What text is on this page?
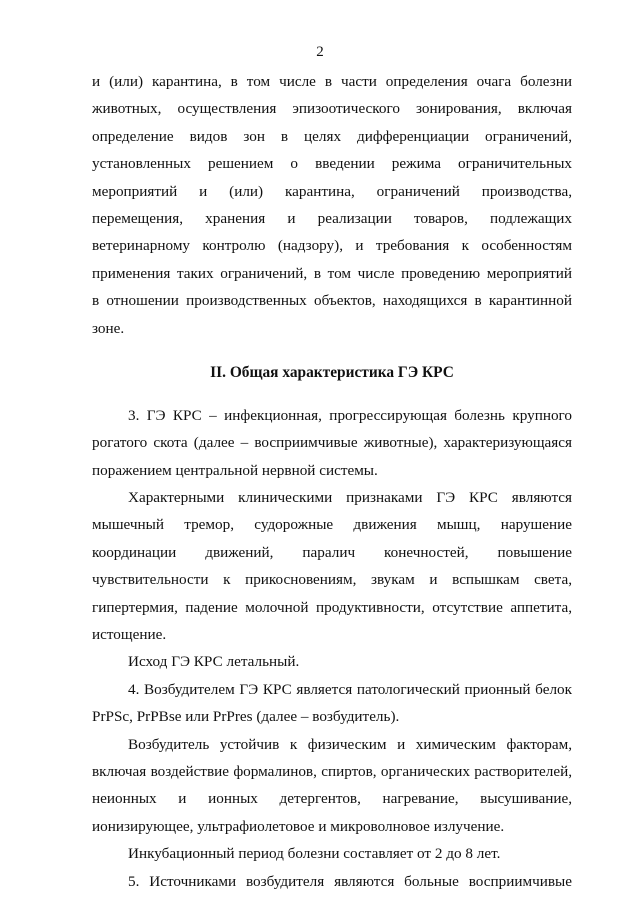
2
и (или) карантина, в том числе в части определения очага болезни
животных, осуществления эпизоотического зонирования, включая
определение видов зон в целях дифференциации ограничений,
установленных решением о введении режима ограничительных
мероприятий и (или) карантина, ограничений производства,
перемещения, хранения и реализации товаров, подлежащих
ветеринарному контролю (надзору), и требования к особенностям
применения таких ограничений, в том числе проведению мероприятий
в отношении производственных объектов, находящихся в карантинной
зоне.
II. Общая характеристика ГЭ КРС
3. ГЭ КРС – инфекционная, прогрессирующая болезнь крупного
рогатого скота (далее – восприимчивые животные), характеризующаяся
поражением центральной нервной системы.
Характерными клиническими признаками ГЭ КРС являются
мышечный тремор, судорожные движения мышц, нарушение
координации движений, паралич конечностей, повышение
чувствительности к прикосновениям, звукам и вспышкам света,
гипертермия, падение молочной продуктивности, отсутствие аппетита,
истощение.
Исход ГЭ КРС летальный.
4. Возбудителем ГЭ КРС является патологический прионный белок
PrPSc, PrPBse или PrPres (далее – возбудитель).
Возбудитель устойчив к физическим и химическим факторам,
включая воздействие формалинов, спиртов, органических растворителей,
неионных и ионных детергентов, нагревание, высушивание,
ионизирующее, ультрафиолетовое и микроволновое излучение.
Инкубационный период болезни составляет от 2 до 8 лет.
5. Источниками возбудителя являются больные восприимчивые
